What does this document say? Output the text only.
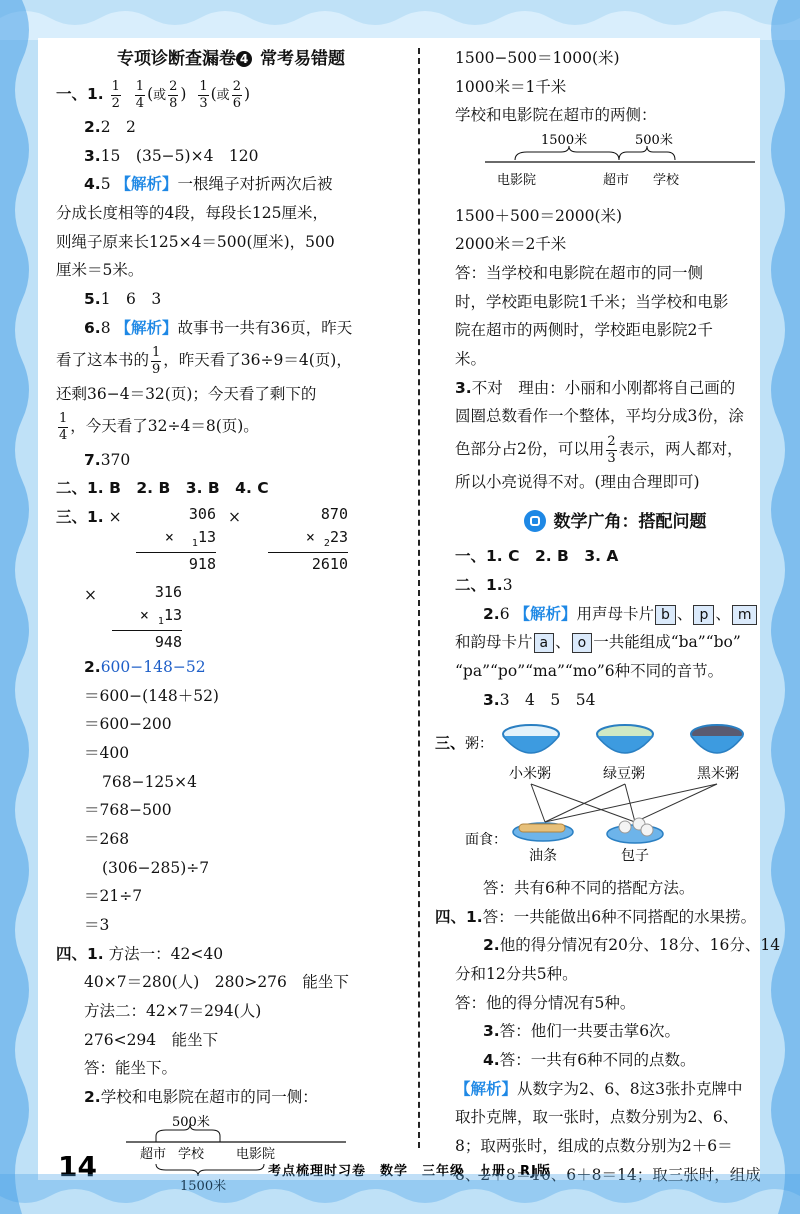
专项诊断查漏卷 4 常考易错题
一、1. $\frac{1}{2}$
$\frac{1}{4}$ (或 $\frac{2}{8}$ ) $\frac{1}{3}$ (或 $\frac{2}{6}$ )
2.2　2
3.15　(35−5)×4　120
4.5 【解析】一根绳子对折两次后被
分成长度相等的4段，每段长125厘米，
则绳子原来长125×4＝500(厘米)，500
厘米＝5米。
5.1　6　3
6.8 【解析】故事书一共有36页，昨天
看了这本书的 $\frac{1}{9}$ ，昨天看了36÷9＝4(页)，
还剩36−4＝32(页)；今天看了剩下的
$\frac{1}{4}$ ，今天看了32÷4＝8(页)。
7.370
二、1. B　2. B　3. B　4. C
三、1. ×	306
× $_1$13
918
×	870
× $_2$23
2610
×	316
× $_1$13
948
2.600−148−52
＝600−(148＋52)
＝600−200
＝400
768−125×4
＝768−500
＝268
(306−285)÷7
＝21÷7
＝3
四、1. 方法一：42<40
40×7＝280(人)　280>276　能坐下
方法二：42×7＝294(人)
276<294　能坐下
答：能坐下。
2.学校和电影院在超市的同一侧：
500米
超市 学校 电影院
1500米
1500−500＝1000(米)
1000米＝1千米
学校和电影院在超市的两侧：
1500米	500米
电影院	超市 学校
1500＋500＝2000(米)
2000米＝2千米
答：当学校和电影院在超市的同一侧
时，学校距电影院1千米；当学校和电影
院在超市的两侧时，学校距电影院2千
米。
3.不对　理由：小丽和小刚都将自己画的
圆圈总数看作一个整体，平均分成3份，涂
色部分占2份，可以用 $\frac{2}{3}$ 表示，两人都对，
所以小亮说得不对。(理由合理即可)
数学广角：搭配问题
一、1. C　2. B　3. A
二、1.3
2.6 【解析】用声母卡片 b 、 p 、 m
和韵母卡片 a 、 o 一共能组成“ba”“bo”
“pa”“po”“ma”“mo”6种不同的音节。
3.3　4　5　54
三、 粥：
小米粥	绿豆粥	黑米粥
面食：
油条	包子
答：共有6种不同的搭配方法。
四、1.答：一共能做出6种不同搭配的水果捞。
2.他的得分情况有20分、18分、16分、14
分和12分共5种。
答：他的得分情况有5种。
3.答：他们一共要击掌6次。
4.答：一共有6种不同的点数。
【解析】从数字为2、6、8这3张扑克牌中
取扑克牌，取一张时，点数分别为2、6、
8；取两张时，组成的点数分别为2＋6＝
8、2＋8＝10、6＋8＝14；取三张时，组成
14	考点梳理时习卷　数学　三年级　上册　RJ版
